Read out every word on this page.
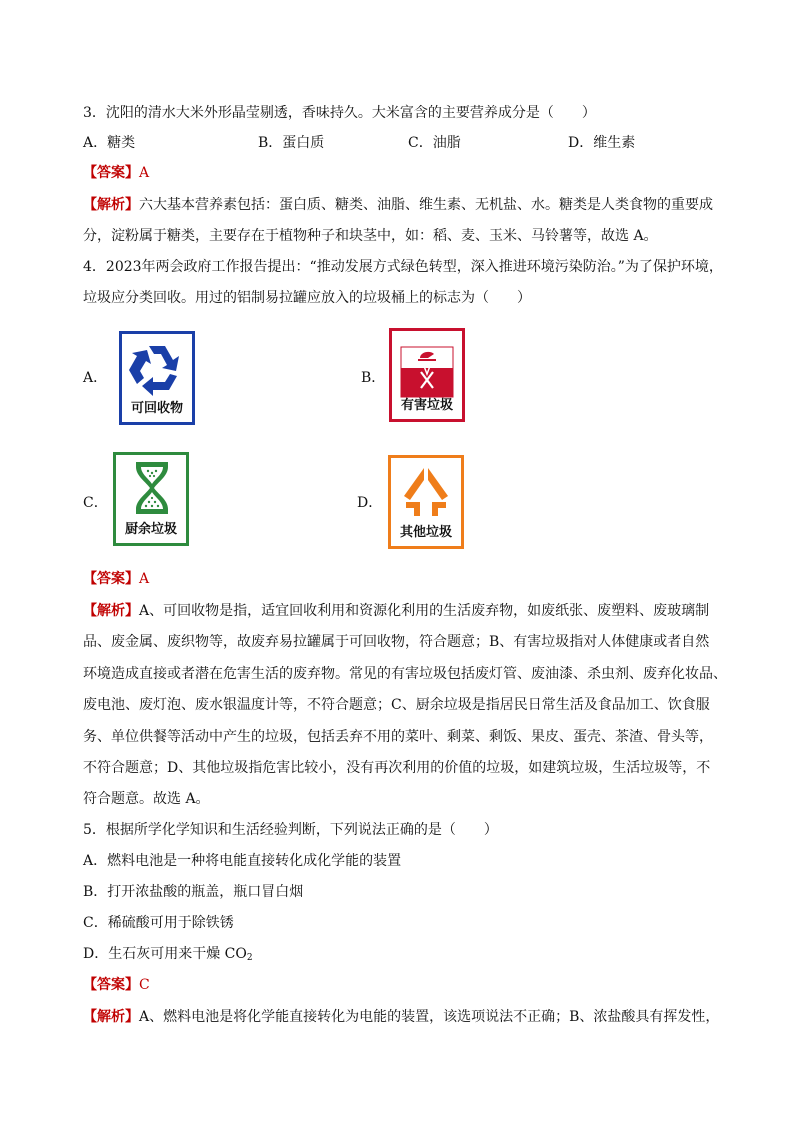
3．沈阳的清水大米外形晶莹剔透，香味持久。大米富含的主要营养成分是（　　）
A．糖类	B．蛋白质	C．油脂	D．维生素
【答案】A
【解析】六大基本营养素包括：蛋白质、糖类、油脂、维生素、无机盐、水。糖类是人类食物的重要成
分，淀粉属于糖类，主要存在于植物种子和块茎中，如：稻、麦、玉米、马铃薯等，故选 A。
4．2023年两会政府工作报告提出：“推动发展方式绿色转型，深入推进环境污染防治。”为了保护环境，
垃圾应分类回收。用过的铝制易拉罐应放入的垃圾桶上的标志为（　　）
A．	B．
C．	D．
可回收物	有害垃圾
厨余垃圾	其他垃圾
【答案】A
【解析】A、可回收物是指，适宜回收利用和资源化利用的生活废弃物，如废纸张、废塑料、废玻璃制
品、废金属、废织物等，故废弃易拉罐属于可回收物，符合题意；B、有害垃圾指对人体健康或者自然
环境造成直接或者潜在危害生活的废弃物。常见的有害垃圾包括废灯管、废油漆、杀虫剂、废弃化妆品、
废电池、废灯泡、废水银温度计等，不符合题意；C、厨余垃圾是指居民日常生活及食品加工、饮食服
务、单位供餐等活动中产生的垃圾，包括丢弃不用的菜叶、剩菜、剩饭、果皮、蛋壳、茶渣、骨头等，
不符合题意；D、其他垃圾指危害比较小，没有再次利用的价值的垃圾，如建筑垃圾，生活垃圾等，不
符合题意。故选 A。
5．根据所学化学知识和生活经验判断，下列说法正确的是（　　）
A．燃料电池是一种将电能直接转化成化学能的装置
B．打开浓盐酸的瓶盖，瓶口冒白烟
C．稀硫酸可用于除铁锈
D．生石灰可用来干燥 $CO_2$
【答案】C
【解析】A、燃料电池是将化学能直接转化为电能的装置，该选项说法不正确；B、浓盐酸具有挥发性，
